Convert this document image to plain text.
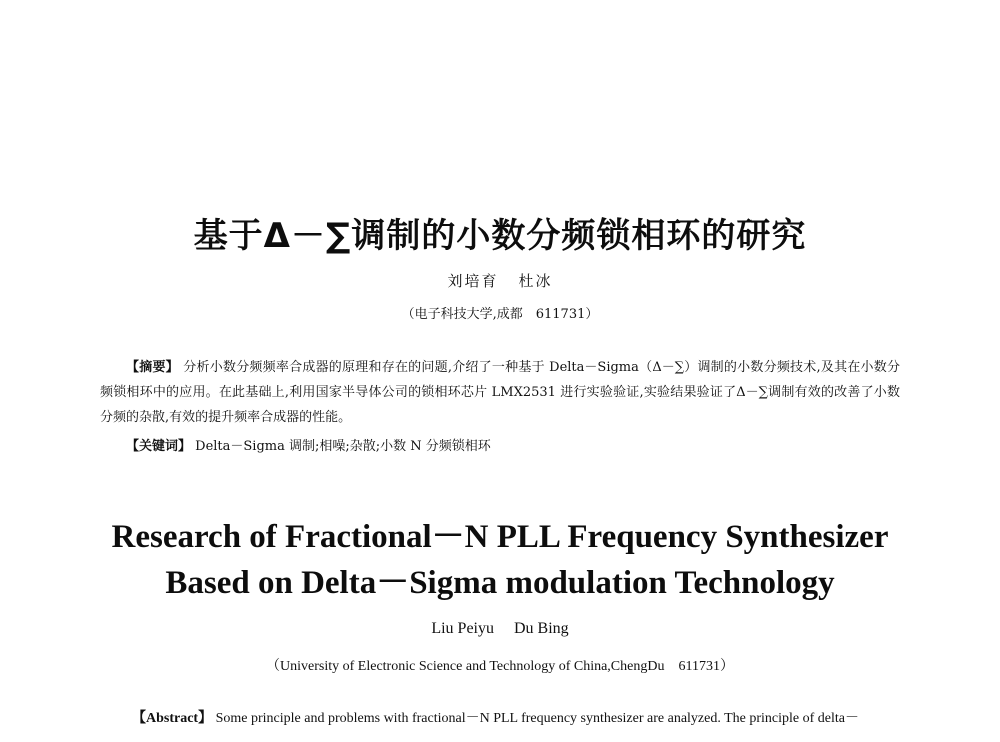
基于Δ－∑调制的小数分频锁相环的研究
刘培育 杜冰
（电子科技大学,成都　611731）

【摘要】 分析小数分频频率合成器的原理和存在的问题,介绍了一种基于 Delta－Sigma（Δ－∑）调制的小数分频技术,及其在小数分频锁相环中的应用。在此基础上,利用国家半导体公司的锁相环芯片 LMX2531 进行实验验证,实验结果验证了Δ－∑调制有效的改善了小数分频的杂散,有效的提升频率合成器的性能。

【关键词】 Delta－Sigma 调制;相噪;杂散;小数 N 分频锁相环
Research of Fractional－N PLL Frequency Synthesizer
Based on Delta－Sigma modulation Technology
Liu Peiyu Du Bing
（University of Electronic Science and Technology of China,ChengDu　611731）
【Abstract】 Some principle and problems with fractional－N PLL frequency synthesizer are analyzed. The principle of delta－
